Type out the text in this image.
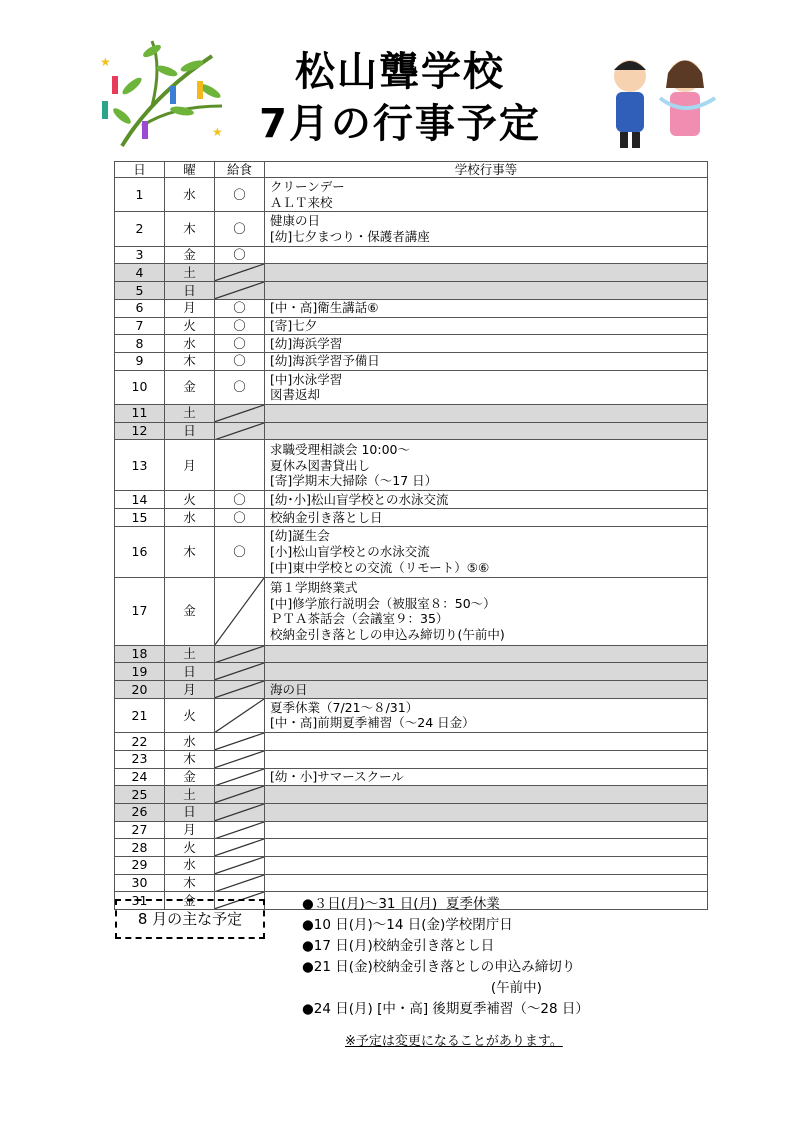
★
★
松山聾学校
7月の行事予定
日	曜	給食	学校行事等
1	水	〇	クリーンデー
ＡＬＴ来校
2	木	〇	健康の日
[幼]七夕まつり・保護者講座
3	金	〇	
4	土	

5	日	

6	月	〇	[中・高]衛生講話⑥
7	火	〇	[寄]七夕
8	水	〇	[幼]海浜学習
9	木	〇	[幼]海浜学習予備日
10	金	〇	[中]水泳学習
図書返却
11	土	

12	日	

13	月		求職受理相談会 10:00～
夏休み図書貸出し
[寄]学期末大掃除（～17 日）
14	火	〇	[幼･小]松山盲学校との水泳交流
15	水	〇	校納金引き落とし日
16	木	〇	[幼]誕生会
[小]松山盲学校との水泳交流
[中]東中学校との交流（リモート）⑤⑥
17	金		第１学期終業式
[中]修学旅行説明会（被服室８：50～）
ＰＴＡ茶話会（会議室９：35）
校納金引き落としの申込み締切り(午前中)
18	土	

19	日	

20	月		海の日
21	火		夏季休業（7/21～８/31）
[中・高]前期夏季補習（～24 日金）
22	水	

23	木	

24	金		[幼・小]サマースクール
25	土	

26	日	

27	月	

28	火	

29	水	

30	木	

31	金	

8 月の主な予定
●３日(月)～31 日(月)  夏季休業
●10 日(月)～14 日(金)学校閉庁日
●17 日(月)校納金引き落とし日
●21 日(金)校納金引き落としの申込み締切り
(午前中)
●24 日(月) [中・高] 後期夏季補習（～28 日）
※予定は変更になることがあります。
